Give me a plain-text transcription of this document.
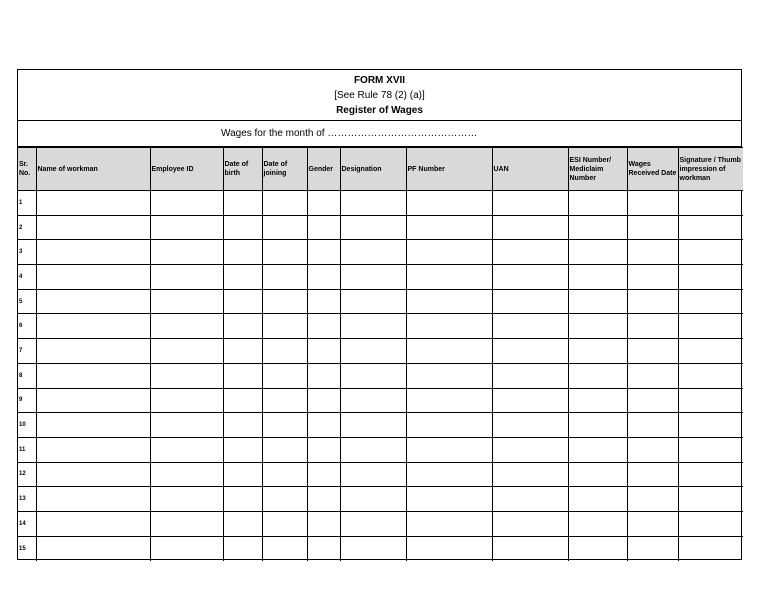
FORM XVII
[See Rule 78 (2) (a)]
Register of Wages
Wages for the month of ………………………………………
Sr. No.	Name of workman	Employee ID	Date of birth	Date of joining	Gender	Designation	PF Number	UAN	ESI Number/ Mediclaim Number	Wages Received Date	Signature / Thumb impression of workman
1											
2											
3											
4											
5											
6											
7											
8											
9											
10											
11											
12											
13											
14											
15											
